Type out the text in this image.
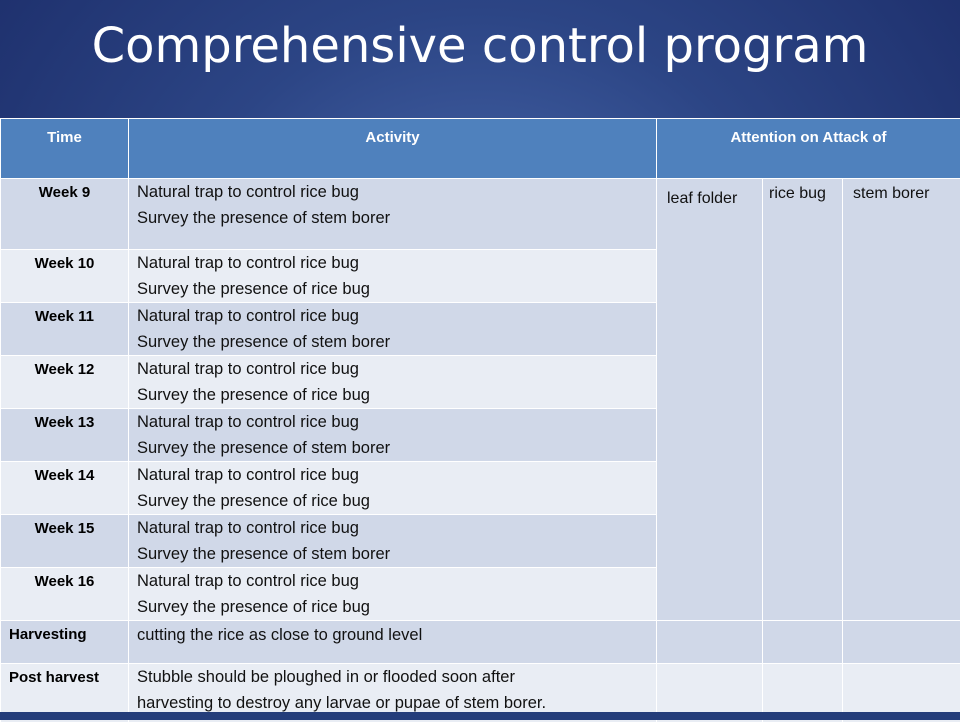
Comprehensive control program
Time	Activity	Attention on Attack of		
Week 9	Natural trap to control rice bug
Survey the presence of stem borer	leaf folder	rice bug	stem borer
Week 10	Natural trap to control rice bug
Survey the presence of rice bug			

Week 11	Natural trap to control rice bug
Survey the presence of stem borer			

Week 12	Natural trap to control rice bug
Survey the presence of rice bug			

Week 13	Natural trap to control rice bug
Survey the presence of stem borer			

Week 14	Natural trap to control rice bug
Survey the presence of rice bug			

Week 15	Natural trap to control rice bug
Survey the presence of stem borer			

Week 16	Natural trap to control rice bug
Survey the presence of rice bug			

Harvesting	cutting the rice as close to ground level			

Post harvest	Stubble should be ploughed in or flooded soon after
harvesting to destroy any larvae or pupae of stem borer.			
